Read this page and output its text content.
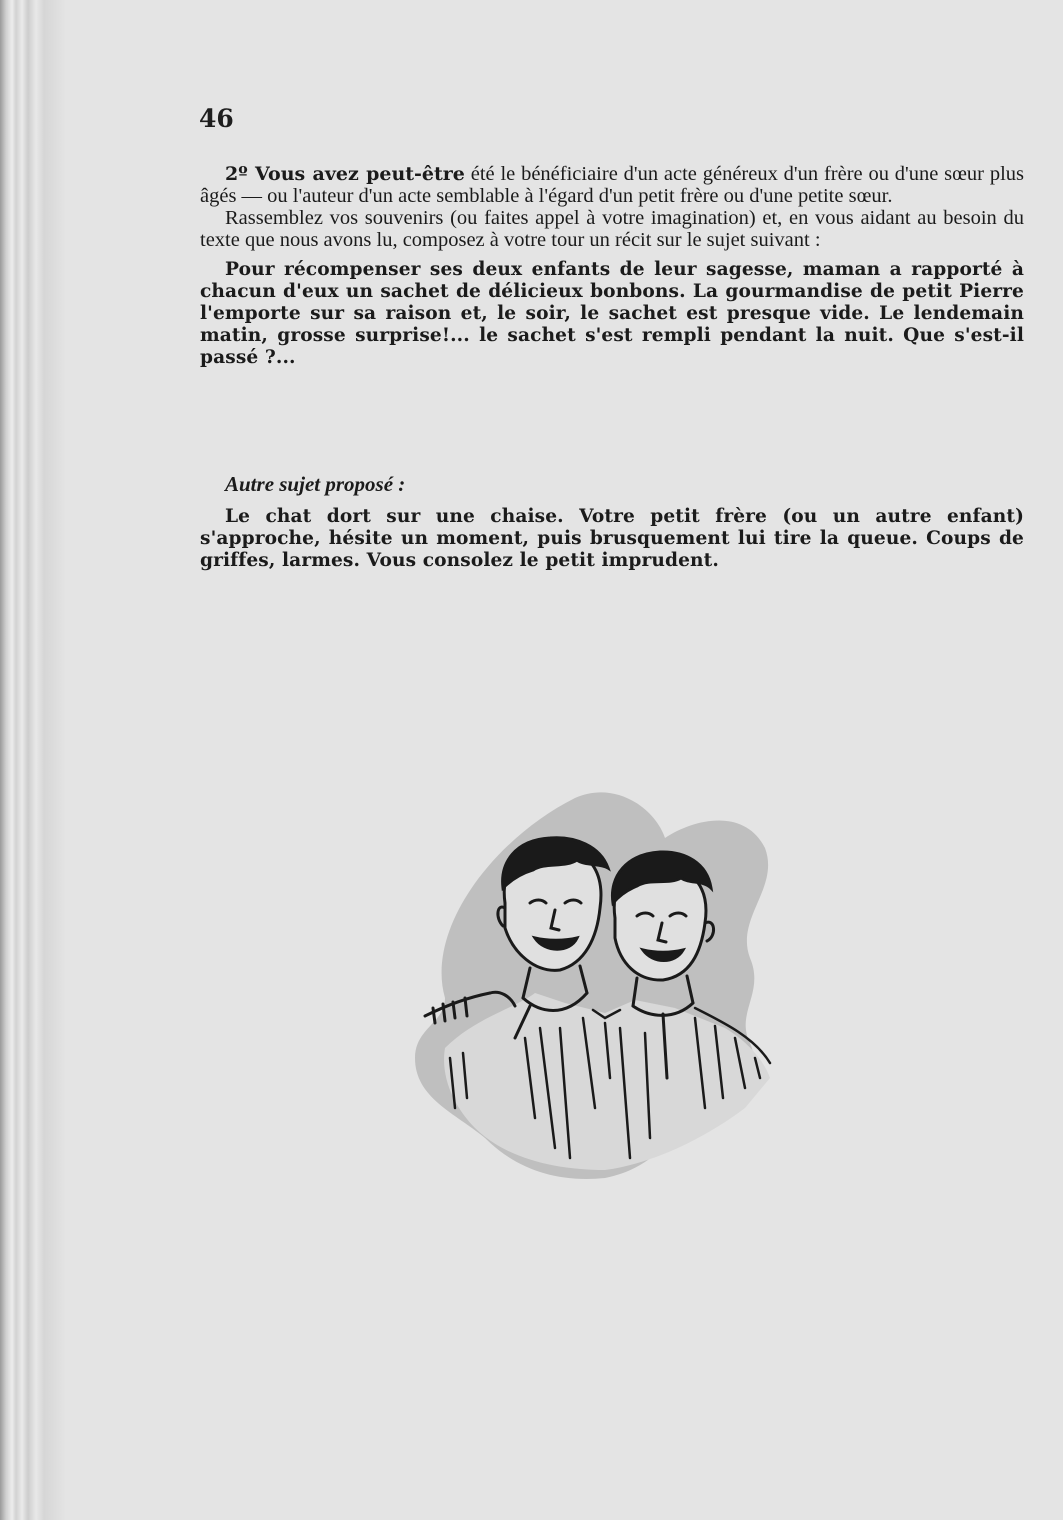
46

2º Vous avez peut-être été le bénéficiaire d'un acte généreux d'un frère ou d'une sœur plus âgés — ou l'auteur d'un acte semblable à l'égard d'un petit frère ou d'une petite sœur.

Rassemblez vos souvenirs (ou faites appel à votre imagination) et, en vous aidant au besoin du texte que nous avons lu, composez à votre tour un récit sur le sujet suivant :

Pour récompenser ses deux enfants de leur sagesse, maman a rapporté à chacun d'eux un sachet de délicieux bonbons. La gourmandise de petit Pierre l'emporte sur sa raison et, le soir, le sachet est presque vide. Le lendemain matin, grosse surprise!... le sachet s'est rempli pendant la nuit. Que s'est-il passé ?...

Autre sujet proposé :

Le chat dort sur une chaise. Votre petit frère (ou un autre enfant) s'approche, hésite un moment, puis brusquement lui tire la queue. Coups de griffes, larmes. Vous consolez le petit imprudent.
